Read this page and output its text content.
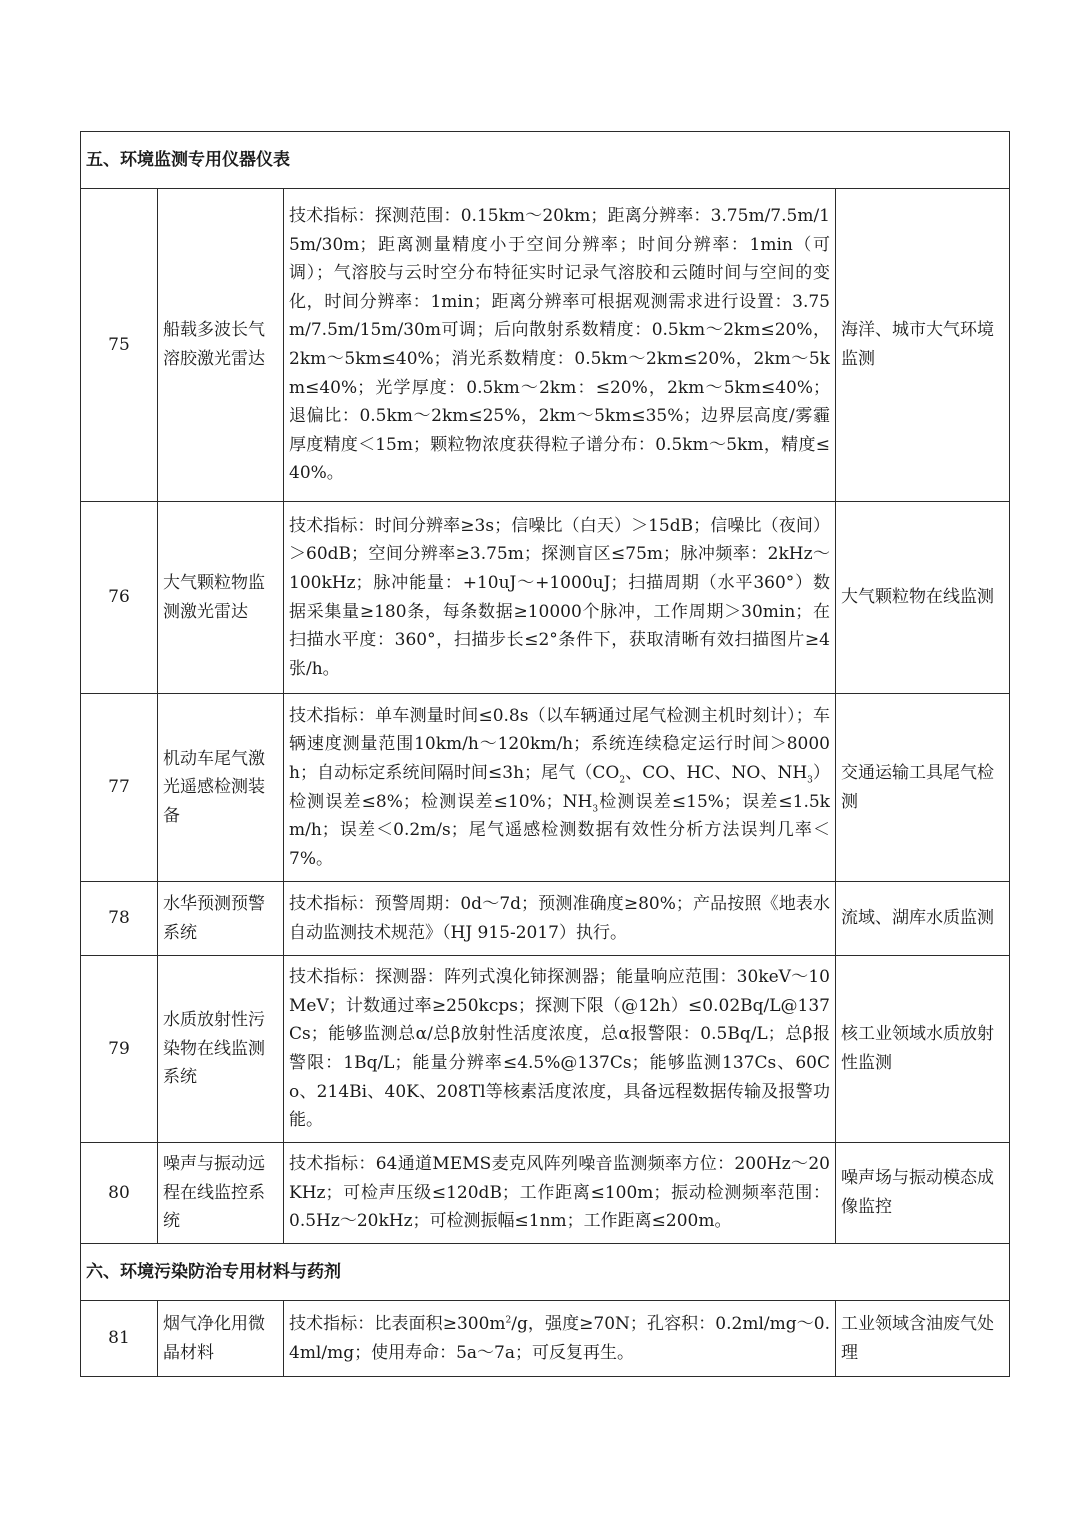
五、环境监测专用仪器仪表			
75	船载多波长气溶胶激光雷达	技术指标：探测范围：0.15km～20km；距离分辨率：3.75m/7.5m/15m/30m；距离测量精度小于空间分辨率；时间分辨率：1min（可调）；气溶胶与云时空分布特征实时记录气溶胶和云随时间与空间的变化，时间分辨率：1min；距离分辨率可根据观测需求进行设置：3.75m/7.5m/15m/30m可调；后向散射系数精度：0.5km～2km≤20%，2km～5km≤40%；消光系数精度：0.5km～2km≤20%，2km～5km≤40%；光学厚度：0.5km～2km：≤20%，2km～5km≤40%；退偏比：0.5km～2km≤25%，2km～5km≤35%；边界层高度/雾霾厚度精度＜15m；颗粒物浓度获得粒子谱分布：0.5km～5km，精度≤40%。	海洋、城市大气环境监测
76	大气颗粒物监测激光雷达	技术指标：时间分辨率≥3s；信噪比（白天）＞15dB；信噪比（夜间）＞60dB；空间分辨率≥3.75m；探测盲区≤75m；脉冲频率：2kHz～100kHz；脉冲能量：+10uJ～+1000uJ；扫描周期（水平360°）数据采集量≥180条，每条数据≥10000个脉冲，工作周期＞30min；在扫描水平度：360°，扫描步长≤2°条件下，获取清晰有效扫描图片≥4张/h。	大气颗粒物在线监测
77	机动车尾气激光遥感检测装备	技术指标：单车测量时间≤0.8s（以车辆通过尾气检测主机时刻计）；车辆速度测量范围10km/h～120km/h；系统连续稳定运行时间＞8000h；自动标定系统间隔时间≤3h；尾气（$CO_2$、CO、HC、NO、$NH_3$）检测误差≤8%；检测误差≤10%；$NH_3$检测误差≤15%；误差≤1.5km/h；误差＜0.2m/s；尾气遥感检测数据有效性分析方法误判几率＜7%。	交通运输工具尾气检测
78	水华预测预警系统	技术指标：预警周期：0d～7d；预测准确度≥80%；产品按照《地表水自动监测技术规范》（HJ 915-2017）执行。	流域、湖库水质监测
79	水质放射性污染物在线监测系统	技术指标：探测器：阵列式溴化铈探测器；能量响应范围：30keV～10MeV；计数通过率≥250kcps；探测下限（@12h）≤0.02Bq/L@137Cs；能够监测总α/总β放射性活度浓度，总α报警限：0.5Bq/L；总β报警限：1Bq/L；能量分辨率≤4.5%@137Cs；能够监测137Cs、60Co、214Bi、40K、208Tl等核素活度浓度，具备远程数据传输及报警功能。	核工业领域水质放射性监测
80	噪声与振动远程在线监控系统	技术指标：64通道MEMS麦克风阵列噪音监测频率方位：200Hz～20KHz；可检声压级≤120dB；工作距离≤100m；振动检测频率范围：0.5Hz～20kHz；可检测振幅≤1nm；工作距离≤200m。	噪声场与振动模态成像监控
六、环境污染防治专用材料与药剂			
81	烟气净化用微晶材料	技术指标：比表面积$\ge 300m^2/g$，强度≥70N；孔容积：0.2ml/mg～0.4ml/mg；使用寿命：5a～7a；可反复再生。	工业领域含油废气处理
